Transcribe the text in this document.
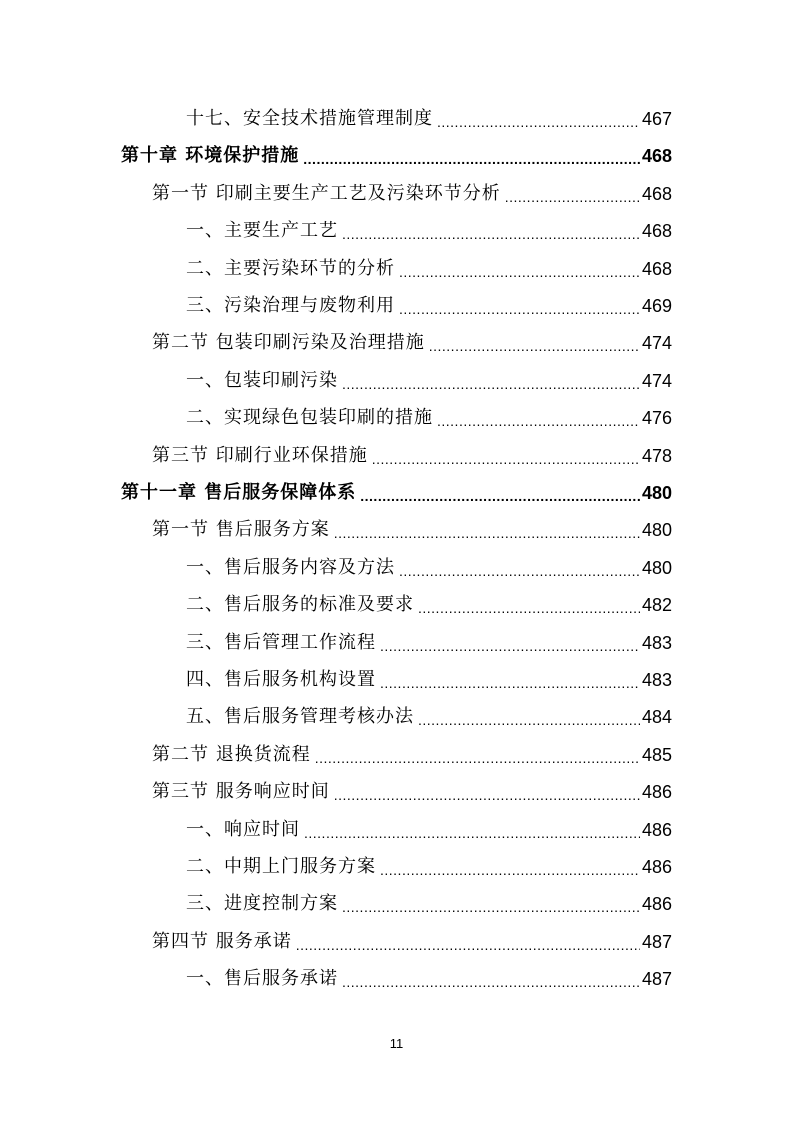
十七、安全技术措施管理制度 .....	467
第十章 环境保护措施 .....	468
第一节 印刷主要生产工艺及污染环节分析 .....	468
一、主要生产工艺 .....	468
二、主要污染环节的分析 .....	468
三、污染治理与废物利用 .....	469
第二节 包装印刷污染及治理措施 .....	474
一、包装印刷污染 .....	474
二、实现绿色包装印刷的措施 .....	476
第三节 印刷行业环保措施 .....	478
第十一章 售后服务保障体系 .....	480
第一节 售后服务方案 .....	480
一、售后服务内容及方法 .....	480
二、售后服务的标准及要求 .....	482
三、售后管理工作流程 .....	483
四、售后服务机构设置 .....	483
五、售后服务管理考核办法 .....	484
第二节 退换货流程 .....	485
第三节 服务响应时间 .....	486
一、响应时间 .....	486
二、中期上门服务方案 .....	486
三、进度控制方案 .....	486
第四节 服务承诺 .....	487
一、售后服务承诺 .....	487
11
